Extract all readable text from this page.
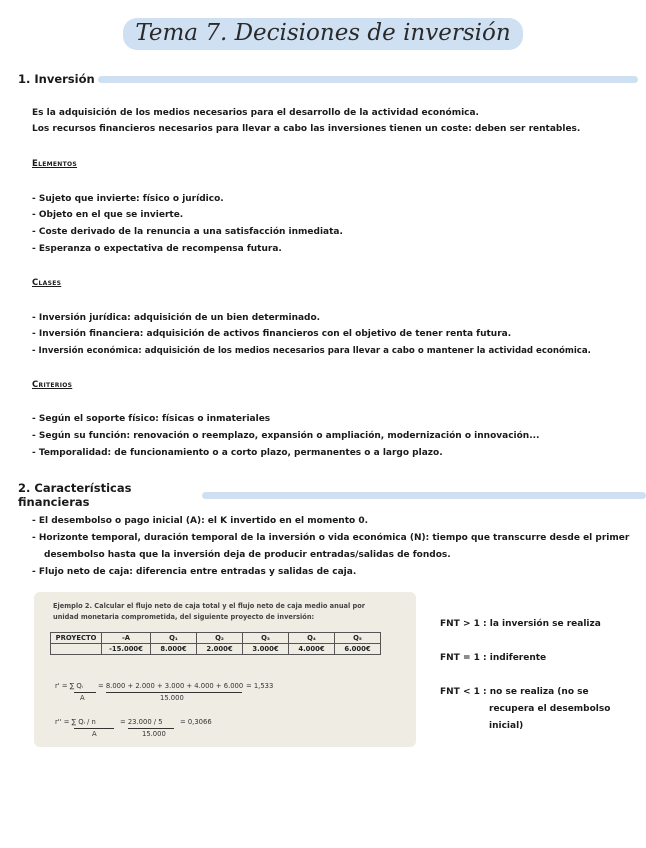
Tema 7. Decisiones de inversión
1. Inversión
Es la adquisición de los medios necesarios para el desarrollo de la actividad económica.
Los recursos financieros necesarios para llevar a cabo las inversiones tienen un coste: deben ser rentables.
Elementos
- Sujeto que invierte: físico o jurídico.
- Objeto en el que se invierte.
- Coste derivado de la renuncia a una satisfacción inmediata.
- Esperanza o expectativa de recompensa futura.
Clases
- Inversión jurídica: adquisición de un bien determinado.
- Inversión financiera: adquisición de activos financieros con el objetivo de tener renta futura.
- Inversión económica: adquisición de los medios necesarios para llevar a cabo o mantener la actividad económica.
Criterios
- Según el soporte físico: físicas o inmateriales
- Según su función: renovación o reemplazo, expansión o ampliación, modernización o innovación...
- Temporalidad: de funcionamiento o a corto plazo, permanentes o a largo plazo.
2. Características financieras
- El desembolso o pago inicial (A): el K invertido en el momento 0.
- Horizonte temporal, duración temporal de la inversión o vida económica (N): tiempo que transcurre desde el primer
desembolso hasta que la inversión deja de producir entradas/salidas de fondos.
- Flujo neto de caja: diferencia entre entradas y salidas de caja.
Ejemplo 2. Calcular el flujo neto de caja total y el flujo neto de caja medio anual por
unidad monetaria comprometida, del siguiente proyecto de inversión:
PROYECTO	-A	Q₁	Q₂	Q₃	Q₄	Q₅
	-15.000€	8.000€	2.000€	3.000€	4.000€	6.000€
r' = ∑ Qᵢ
A
= 8.000 + 2.000 + 3.000 + 4.000 + 6.000
15.000
= 1,533
r'' = ∑ Qᵢ / n
A
= 23.000 / 5
15.000
= 0,3066
FNT > 1 : la inversión se realiza
FNT = 1 : indiferente
FNT < 1 : no se realiza (no se
recupera el desembolso
inicial)
